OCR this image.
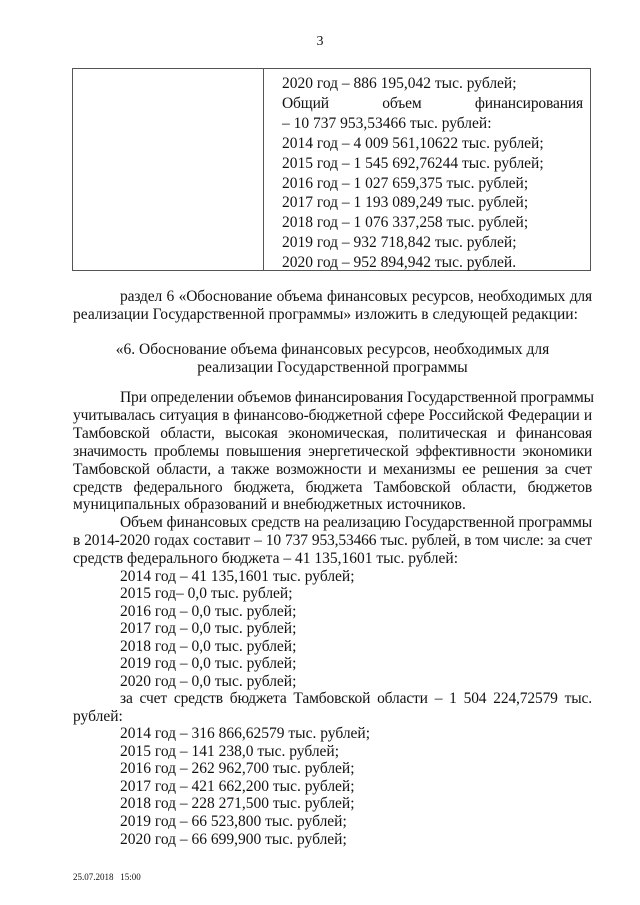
3
2020 год – 886 195,042 тыс. рублей;
Общий объем финансирования
– 10 737 953,53466 тыс. рублей:
2014 год – 4 009 561,10622 тыс. рублей;
2015 год – 1 545 692,76244 тыс. рублей;
2016 год – 1 027 659,375 тыс. рублей;
2017 год – 1 193 089,249 тыс. рублей;
2018 год – 1 076 337,258 тыс. рублей;
2019 год – 932 718,842 тыс. рублей;
2020 год – 952 894,942 тыс. рублей.
раздел 6 «Обоснование объема финансовых ресурсов, необходимых для
реализации Государственной программы» изложить в следующей редакции:
«6. Обоснование объема финансовых ресурсов, необходимых для
реализации Государственной программы
При определении объемов финансирования Государственной программы
учитывалась ситуация в финансово-бюджетной сфере Российской Федерации и
Тамбовской области, высокая экономическая, политическая и финансовая
значимость проблемы повышения энергетической эффективности экономики
Тамбовской области, а также возможности и механизмы ее решения за счет
средств федерального бюджета, бюджета Тамбовской области, бюджетов
муниципальных образований и внебюджетных источников.
Объем финансовых средств на реализацию Государственной программы
в 2014-2020 годах составит – 10 737 953,53466 тыс. рублей, в том числе: за счет
средств федерального бюджета – 41 135,1601 тыс. рублей:
2014 год – 41 135,1601 тыс. рублей;
2015 год– 0,0 тыс. рублей;
2016 год – 0,0 тыс. рублей;
2017 год – 0,0 тыс. рублей;
2018 год – 0,0 тыс. рублей;
2019 год – 0,0 тыс. рублей;
2020 год – 0,0 тыс. рублей;
за счет средств бюджета Тамбовской области – 1 504 224,72579 тыс.
рублей:
2014 год – 316 866,62579 тыс. рублей;
2015 год – 141 238,0 тыс. рублей;
2016 год – 262 962,700 тыс. рублей;
2017 год – 421 662,200 тыс. рублей;
2018 год – 228 271,500 тыс. рублей;
2019 год – 66 523,800 тыс. рублей;
2020 год – 66 699,900 тыс. рублей;
25.07.2018   15:00
